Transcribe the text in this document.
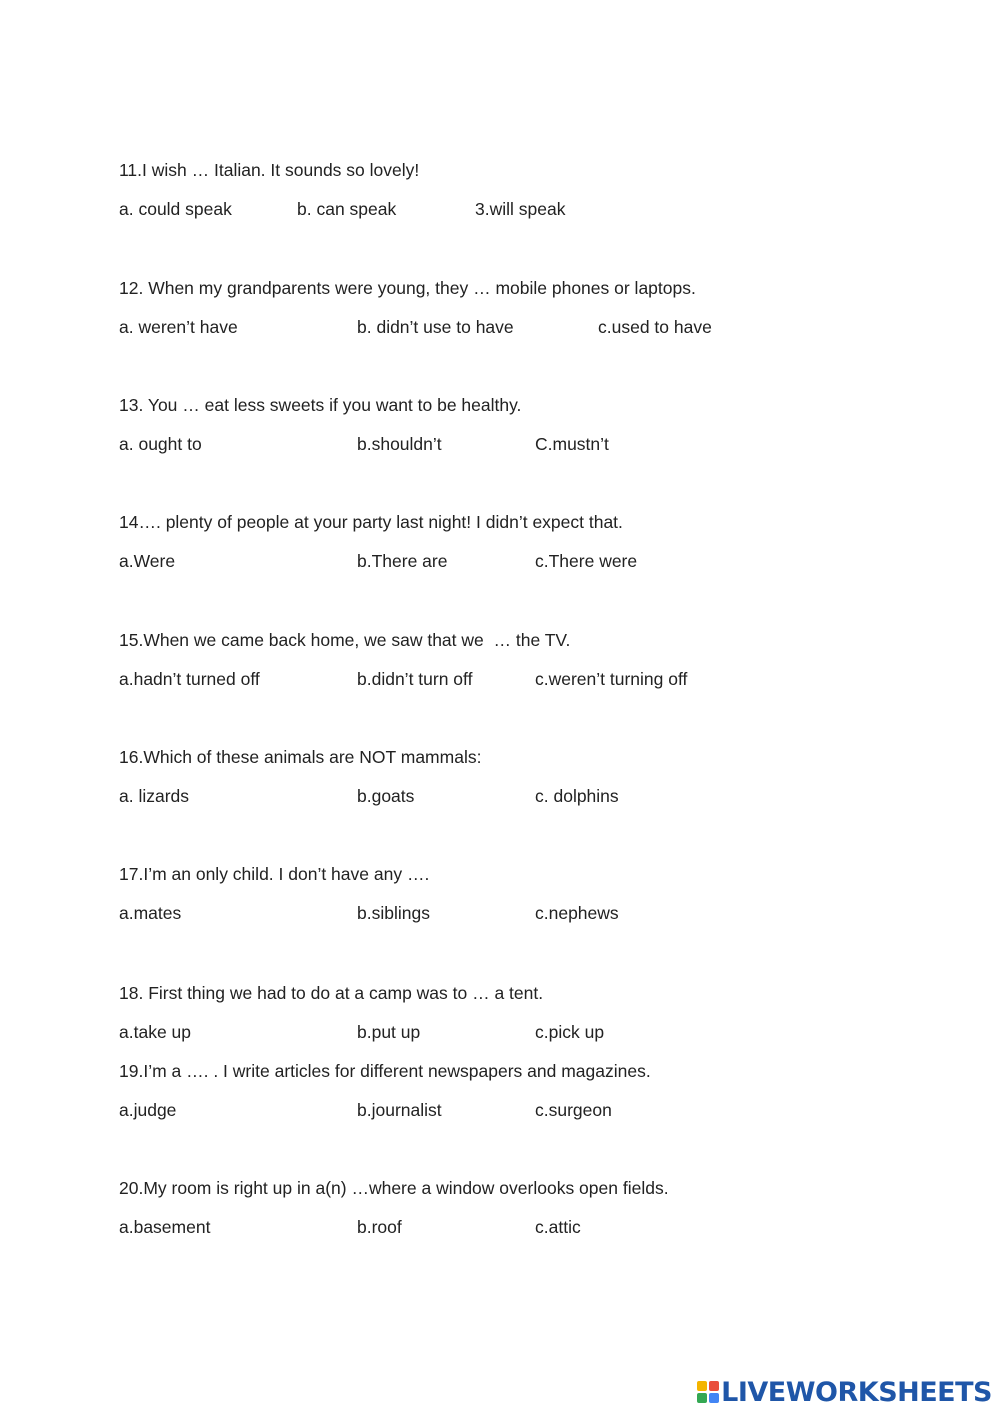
11.I wish … Italian. It sounds so lovely!
a. could speak	b. can speak	3.will speak
12. When my grandparents were young, they … mobile phones or laptops.
a. weren’t have	b. didn’t use to have	c.used to have
13. You … eat less sweets if you want to be healthy.
a. ought to	b.shouldn’t	C.mustn’t
14…. plenty of people at your party last night! I didn’t expect that.
a.Were	b.There are	c.There were
15.When we came back home, we saw that we  … the TV.
a.hadn’t turned off	b.didn’t turn off	c.weren’t turning off
16.Which of these animals are NOT mammals:
a. lizards	b.goats	c. dolphins
17.I’m an only child. I don’t have any ….
a.mates	b.siblings	c.nephews
18. First thing we had to do at a camp was to … a tent.
a.take up	b.put up	c.pick up
19.I’m a …. . I write articles for different newspapers and magazines.
a.judge	b.journalist	c.surgeon
20.My room is right up in a(n) …where a window overlooks open fields.
a.basement	b.roof	c.attic
LIVEWORKSHEETS
